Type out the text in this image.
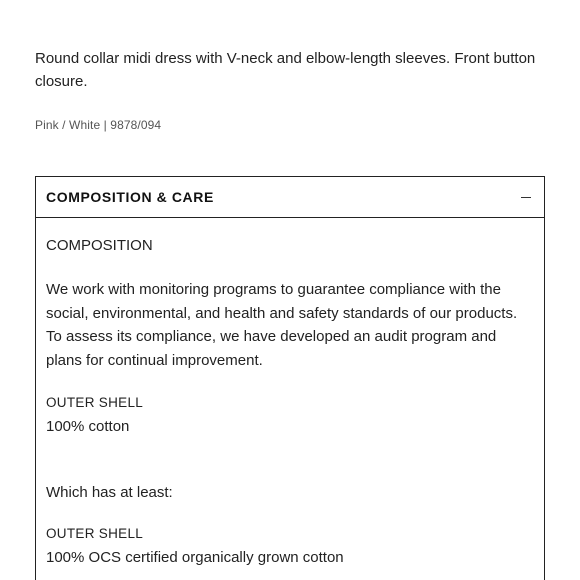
Round collar midi dress with V-neck and elbow-length sleeves. Front button closure.
Pink / White | 9878/094
COMPOSITION & CARE
COMPOSITION
We work with monitoring programs to guarantee compliance with the social, environmental, and health and safety standards of our products. To assess its compliance, we have developed an audit program and plans for continual improvement.
OUTER SHELL
100% cotton
Which has at least:
OUTER SHELL
100% OCS certified organically grown cotton
